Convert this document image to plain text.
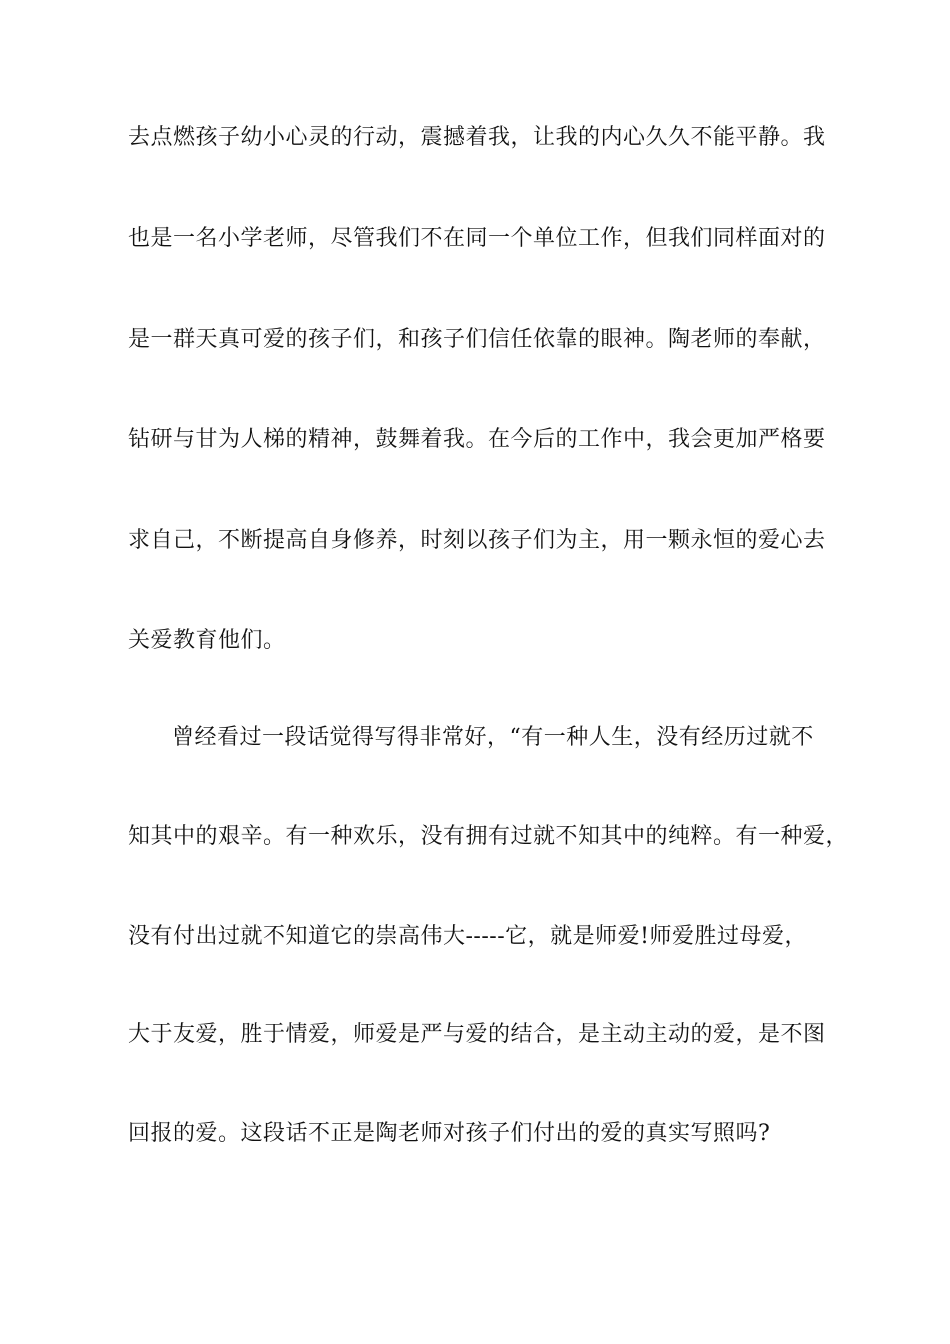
去点燃孩子幼小心灵的行动，震撼着我，让我的内心久久不能平静。我
也是一名小学老师，尽管我们不在同一个单位工作，但我们同样面对的
是一群天真可爱的孩子们，和孩子们信任依靠的眼神。陶老师的奉献，
钻研与甘为人梯的精神，鼓舞着我。在今后的工作中，我会更加严格要
求自己，不断提高自身修养，时刻以孩子们为主，用一颗永恒的爱心去
关爱教育他们。
曾经看过一段话觉得写得非常好，“有一种人生，没有经历过就不
知其中的艰辛。有一种欢乐，没有拥有过就不知其中的纯粹。有一种爱，
没有付出过就不知道它的崇高伟大-----它，就是师爱!师爱胜过母爱，
大于友爱，胜于情爱，师爱是严与爱的结合，是主动主动的爱，是不图
回报的爱。这段话不正是陶老师对孩子们付出的爱的真实写照吗?
